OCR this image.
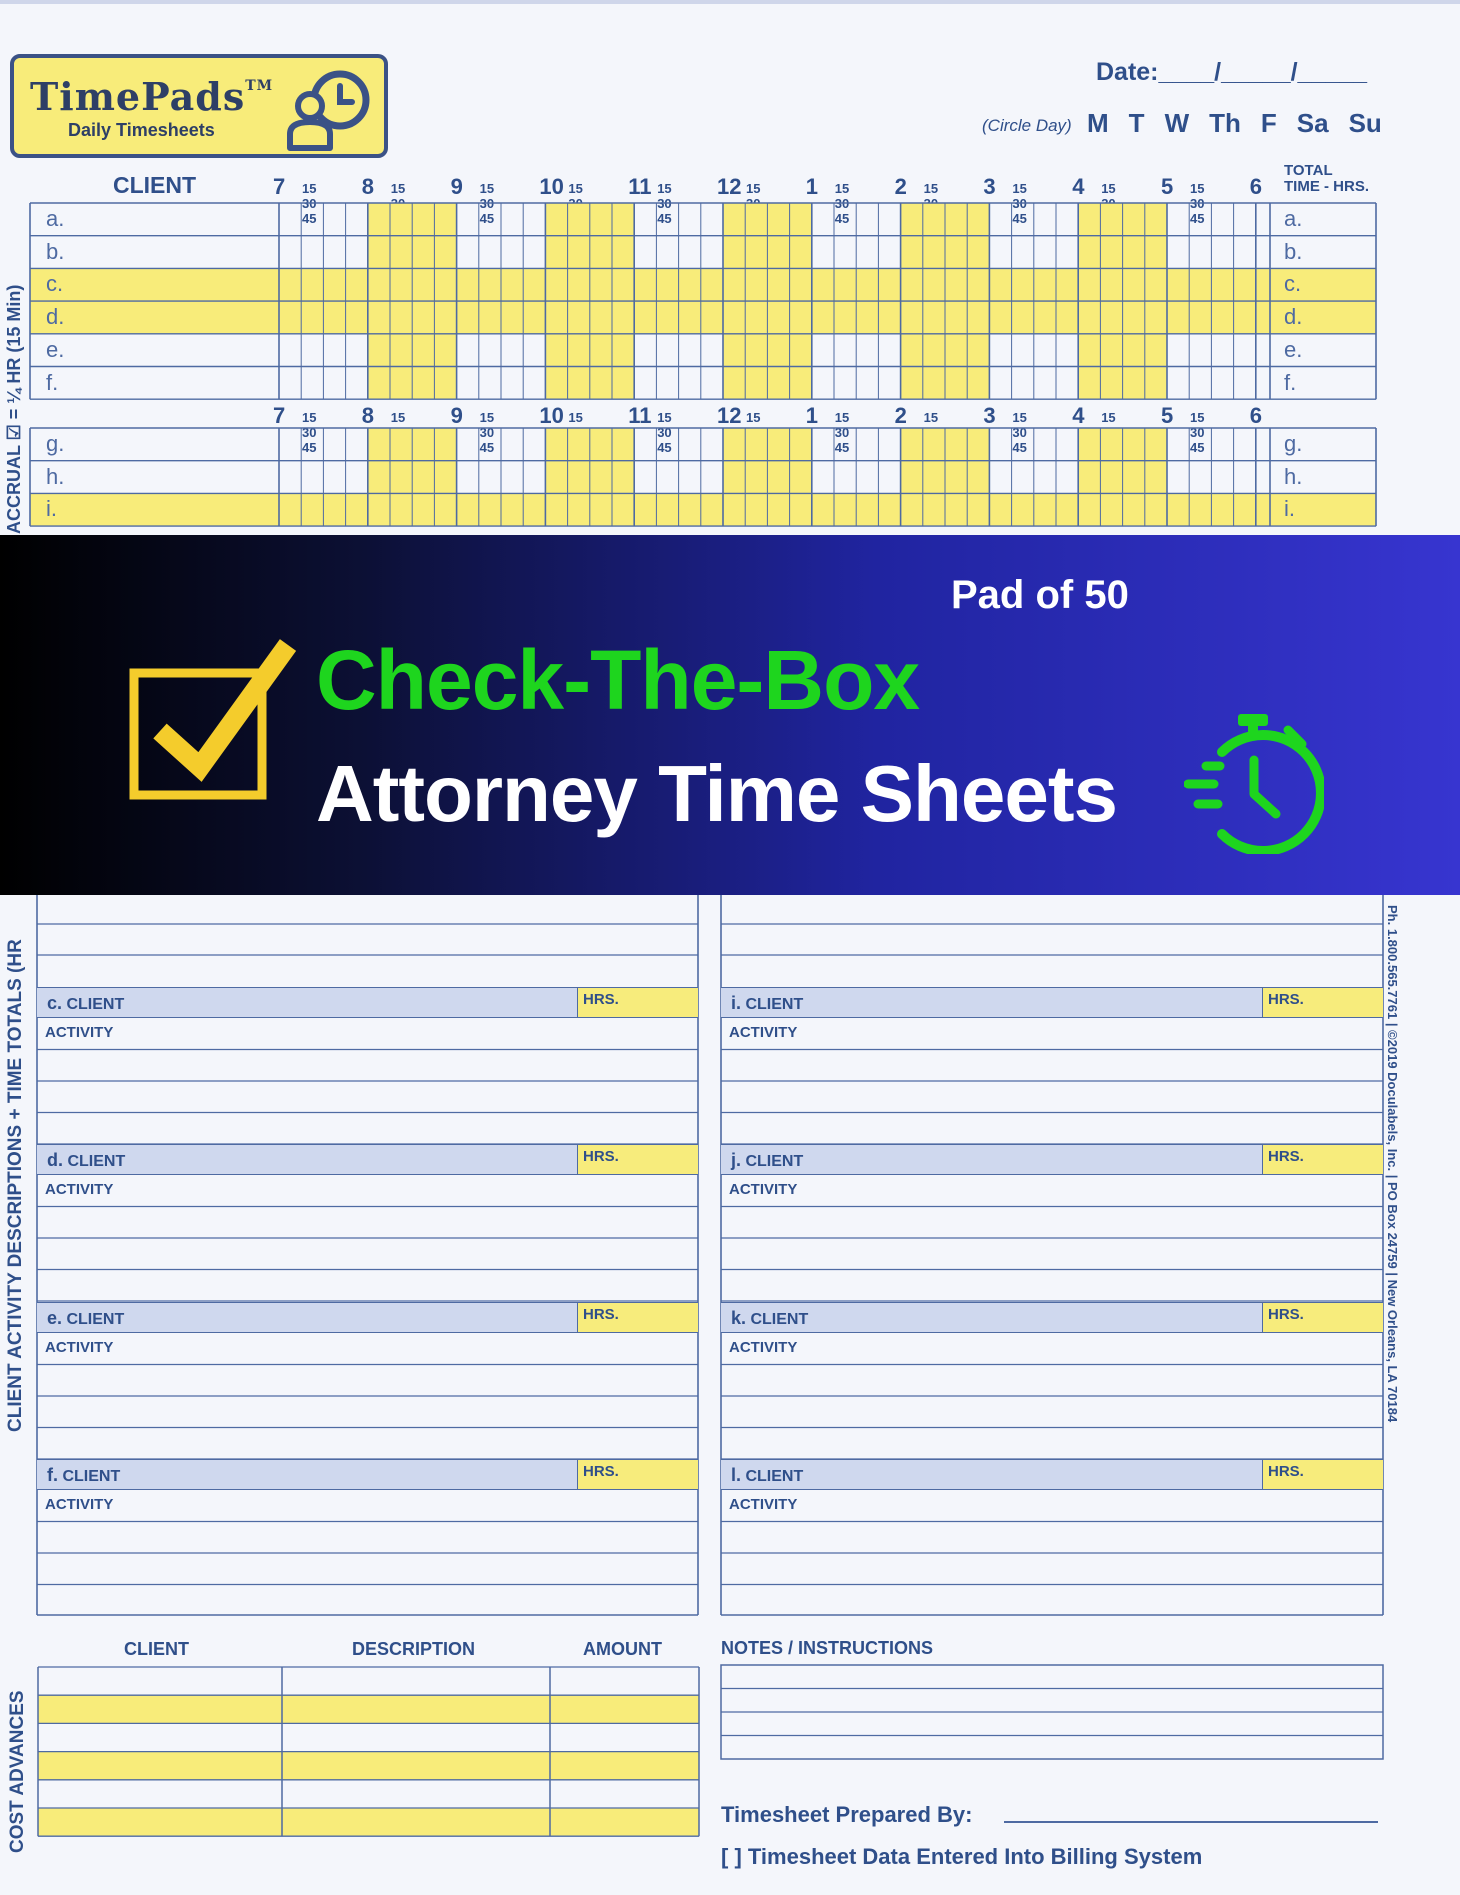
TimePads™
Daily Timesheets
Date:____/_____/_____
(Circle Day) M T W Th F Sa Su
CLIENT
TOTAL
TIME - HRS.
7 15 30 45
8 15 9 15 30 45
10 15 11 15 30 45
12 15 1 15 30 45
2 15 3 15 30 45
4 15 5 15 30 45
6
7 15 30 45
8 15 9 15 30 45
10 15 11 15 30 45
12 15 1 15 30 45
2 15 3 15 30 45
4 15 5 15 30 45
6
a.	a.
b.	b.
c.	c.
d.	d.
e.	e.
f.	f.
g.	g.
h.	h.
i.	i.
ACCRUAL ☑ = ¼ HR (15 Min)
Pad of 50
Check-The-Box
Attorney Time Sheets
c. CLIENT	HRS.
ACTIVITY
d. CLIENT	HRS.
ACTIVITY
e. CLIENT	HRS.
ACTIVITY
f. CLIENT	HRS.
ACTIVITY
i. CLIENT	HRS.
ACTIVITY
j. CLIENT	HRS.
ACTIVITY
k. CLIENT	HRS.
ACTIVITY
l. CLIENT	HRS.
ACTIVITY
CLIENT ACTIVITY DESCRIPTIONS + TIME TOTALS (HR	Ph. 1.800.565.7761 | ©2019 Doculabels, Inc. | PO Box 24759 | New Orleans, LA 70184
CLIENT	DESCRIPTION	AMOUNT
COST ADVANCES
NOTES / INSTRUCTIONS
Timesheet Prepared By:
[ ] Timesheet Data Entered Into Billing System
